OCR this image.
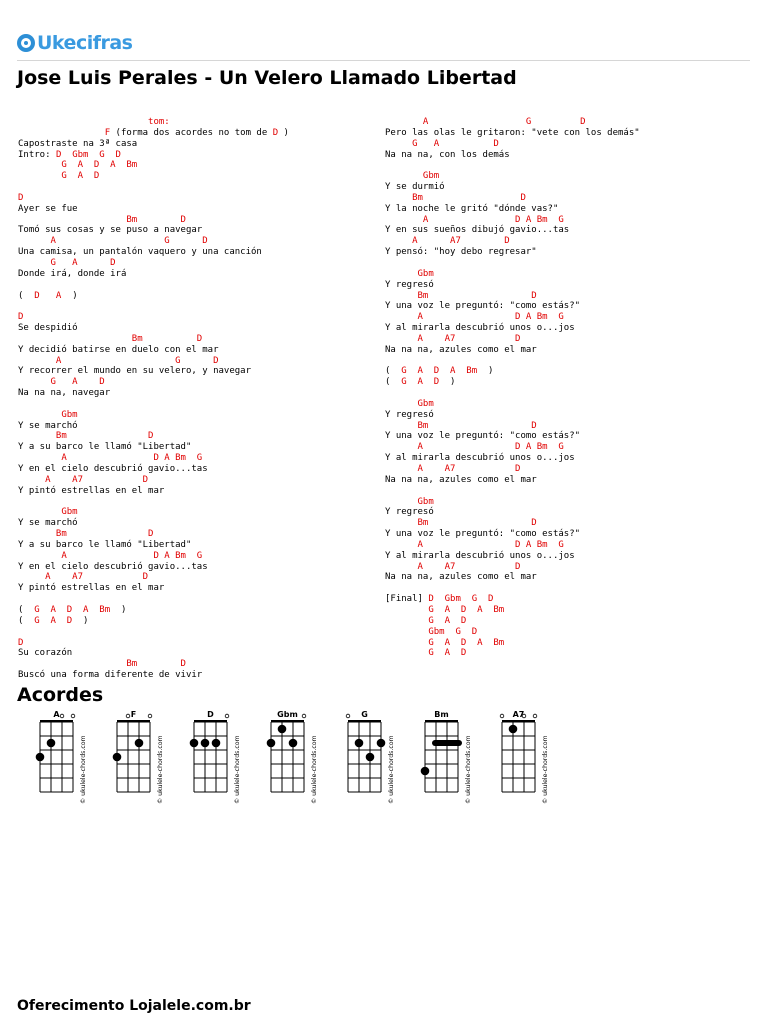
Ukecifras
Jose Luis Perales - Un Velero Llamado Libertad
tom:
F (forma dos acordes no tom de D )
Capostraste na 3ª casa
Intro: D  Gbm  G  D
G  A  D  A  Bm
G  A  D
D
Ayer se fue
Bm        D
Tomó sus cosas y se puso a navegar
A                    G      D
Una camisa, un pantalón vaquero y una canción
G   A      D
Donde irá, donde irá
(  D   A  )
D
Se despidió
Bm          D
Y decidió batirse en duelo con el mar
A                     G      D
Y recorrer el mundo en su velero, y navegar
G   A    D
Na na na, navegar
Gbm
Y se marchó
Bm               D
Y a su barco le llamó "Libertad"
A                D A Bm  G
Y en el cielo descubrió gavio...tas
A    A7           D
Y pintó estrellas en el mar
Gbm
Y se marchó
Bm               D
Y a su barco le llamó "Libertad"
A                D A Bm  G
Y en el cielo descubrió gavio...tas
A    A7           D
Y pintó estrellas en el mar
(  G  A  D  A  Bm  )
(  G  A  D  )
D
Su corazón
Bm        D
Buscó una forma diferente de vivir
A                  G         D
Pero las olas le gritaron: "vete con los demás"
G   A          D
Na na na, con los demás
Gbm
Y se durmió
Bm                  D
Y la noche le gritó "dónde vas?"
A                D A Bm  G
Y en sus sueños dibujó gavio...tas
A      A7        D
Y pensó: "hoy debo regresar"
Gbm
Y regresó
Bm                   D
Y una voz le preguntó: "como estás?"
A                 D A Bm  G
Y al mirarla descubrió unos o...jos
A    A7           D
Na na na, azules como el mar
(  G  A  D  A  Bm  )
(  G  A  D  )
Gbm
Y regresó
Bm                   D
Y una voz le preguntó: "como estás?"
A                 D A Bm  G
Y al mirarla descubrió unos o...jos
A    A7           D
Na na na, azules como el mar
Gbm
Y regresó
Bm                   D
Y una voz le preguntó: "como estás?"
A                 D A Bm  G
Y al mirarla descubrió unos o...jos
A    A7           D
Na na na, azules como el mar
[Final] D  Gbm  G  D
G  A  D  A  Bm
G  A  D
Gbm  G  D
G  A  D  A  Bm
G  A  D
Acordes
A
© ukulele-chords.com
F
© ukulele-chords.com
D
© ukulele-chords.com
Gbm
© ukulele-chords.com
G
© ukulele-chords.com
Bm
© ukulele-chords.com
A7
© ukulele-chords.com

Oferecimento Lojalele.com.br
